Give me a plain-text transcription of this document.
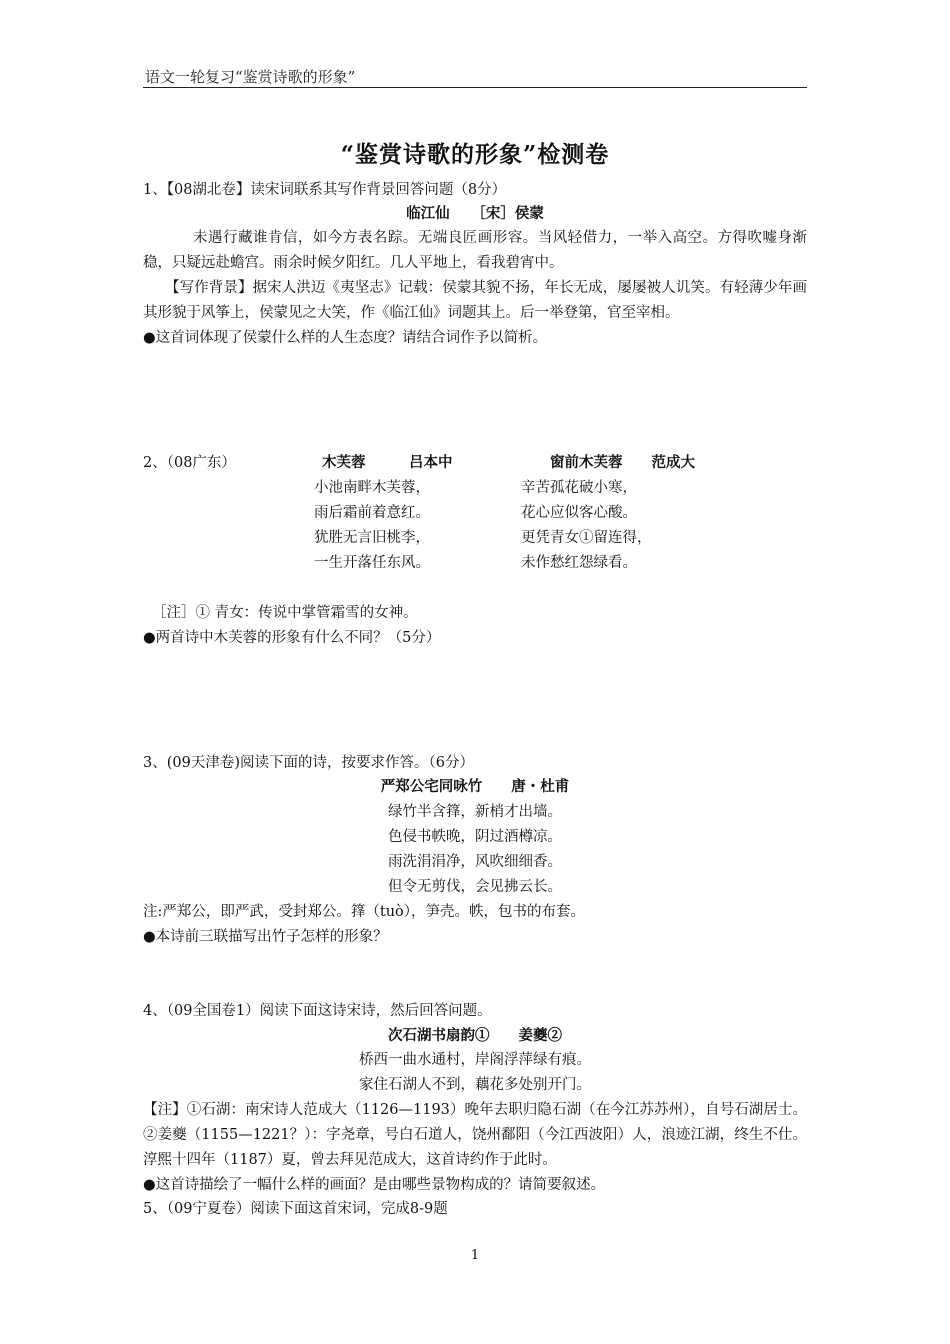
语文一轮复习“鉴赏诗歌的形象”
“鉴赏诗歌的形象”检测卷
1、【08湖北卷】读宋词联系其写作背景回答问题（8分）
临江仙　　［宋］侯蒙
未遇行藏谁肯信，如今方表名踪。无端良匠画形容。当风轻借力，一举入高空。方得吹嘘身渐稳，只疑远赴蟾宫。雨余时候夕阳红。几人平地上，看我碧宵中。
【写作背景】据宋人洪迈《夷坚志》记载：侯蒙其貌不扬，年长无成，屡屡被人讥笑。有轻薄少年画其形貌于风筝上，侯蒙见之大笑，作《临江仙》词题其上。后一举登第，官至宰相。
●这首词体现了侯蒙什么样的人生态度？请结合词作予以简析。
2、（08广东）	木芙蓉　　　吕本中	窗前木芙蓉　　范成大
小池南畔木芙蓉，
雨后霜前着意红。
犹胜无言旧桃李，
一生开落任东风。
辛苦孤花破小寒，
花心应似客心酸。
更凭青女①留连得，
未作愁红怨绿看。
［注］① 青女：传说中掌管霜雪的女神。
●两首诗中木芙蓉的形象有什么不同？（5分）
3、(09天津卷)阅读下面的诗，按要求作答。（6分）
严郑公宅同咏竹　　唐・杜甫
绿竹半含箨，新梢才出墙。
色侵书帙晚，阴过酒樽凉。
雨洗涓涓净，风吹细细香。
但令无剪伐，会见拂云长。
注:严郑公，即严武，受封郑公。箨（tuò），笋壳。帙，包书的布套。
●本诗前三联描写出竹子怎样的形象？
4、（09全国卷1）阅读下面这诗宋诗，然后回答问题。
次石湖书扇韵①　　姜夔②
桥西一曲水通村，岸阁浮萍绿有痕。
家住石湖人不到，藕花多处别开门。
【注】①石湖：南宋诗人范成大（1126—1193）晚年去职归隐石湖（在今江苏苏州），自号石湖居士。②姜夔（1155—1221？）：字尧章，号白石道人，饶州鄱阳（今江西波阳）人，浪迹江湖，终生不仕。淳熙十四年（1187）夏，曾去拜见范成大，这首诗约作于此时。
●这首诗描绘了一幅什么样的画面？是由哪些景物构成的？请简要叙述。
5、（09宁夏卷）阅读下面这首宋词，完成8-9题
1
